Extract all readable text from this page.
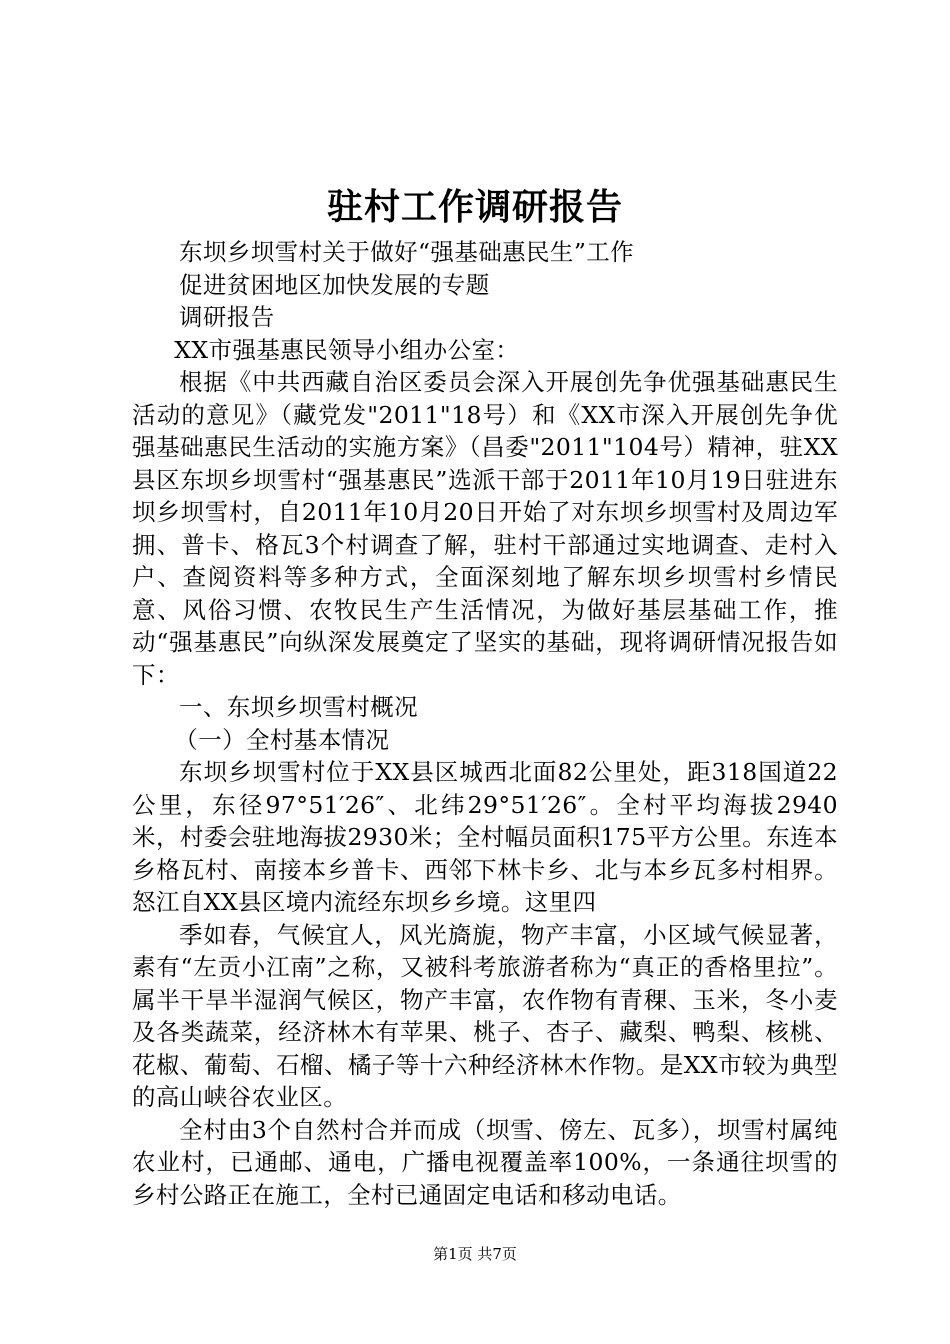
驻村工作调研报告

东坝乡坝雪村关于做好“强基础惠民生”工作

促进贫困地区加快发展的专题

调研报告

XX市强基惠民领导小组办公室：

根据《中共西藏自治区委员会深入开展创先争优强基础惠民生活动的意见》（藏党发"2011"18号）和《XX市深入开展创先争优强基础惠民生活动的实施方案》（昌委"2011"104号）精神，驻XX县区东坝乡坝雪村“强基惠民”选派干部于2011年10月19日驻进东坝乡坝雪村，自2011年10月20日开始了对东坝乡坝雪村及周边军拥、普卡、格瓦3个村调查了解，驻村干部通过实地调查、走村入户、查阅资料等多种方式，全面深刻地了解东坝乡坝雪村乡情民意、风俗习惯、农牧民生产生活情况，为做好基层基础工作，推动“强基惠民”向纵深发展奠定了坚实的基础，现将调研情况报告如下：

一、东坝乡坝雪村概况

（一）全村基本情况

东坝乡坝雪村位于XX县区城西北面82公里处，距318国道22公里，东径97°51′26″、北纬29°51′26″。全村平均海拔2940米，村委会驻地海拔2930米；全村幅员面积175平方公里。东连本乡格瓦村、南接本乡普卡、西邻下林卡乡、北与本乡瓦多村相界。怒江自XX县区境内流经东坝乡乡境。这里四

季如春，气候宜人，风光旖旎，物产丰富，小区域气候显著，素有“左贡小江南”之称，又被科考旅游者称为“真正的香格里拉”。属半干旱半湿润气候区，物产丰富，农作物有青稞、玉米，冬小麦及各类蔬菜，经济林木有苹果、桃子、杏子、藏梨、鸭梨、核桃、花椒、葡萄、石榴、橘子等十六种经济林木作物。是XX市较为典型的高山峡谷农业区。

全村由3个自然村合并而成（坝雪、傍左、瓦多），坝雪村属纯农业村，已通邮、通电，广播电视覆盖率100%，一条通往坝雪的乡村公路正在施工，全村已通固定电话和移动电话。

第1页 共7页
